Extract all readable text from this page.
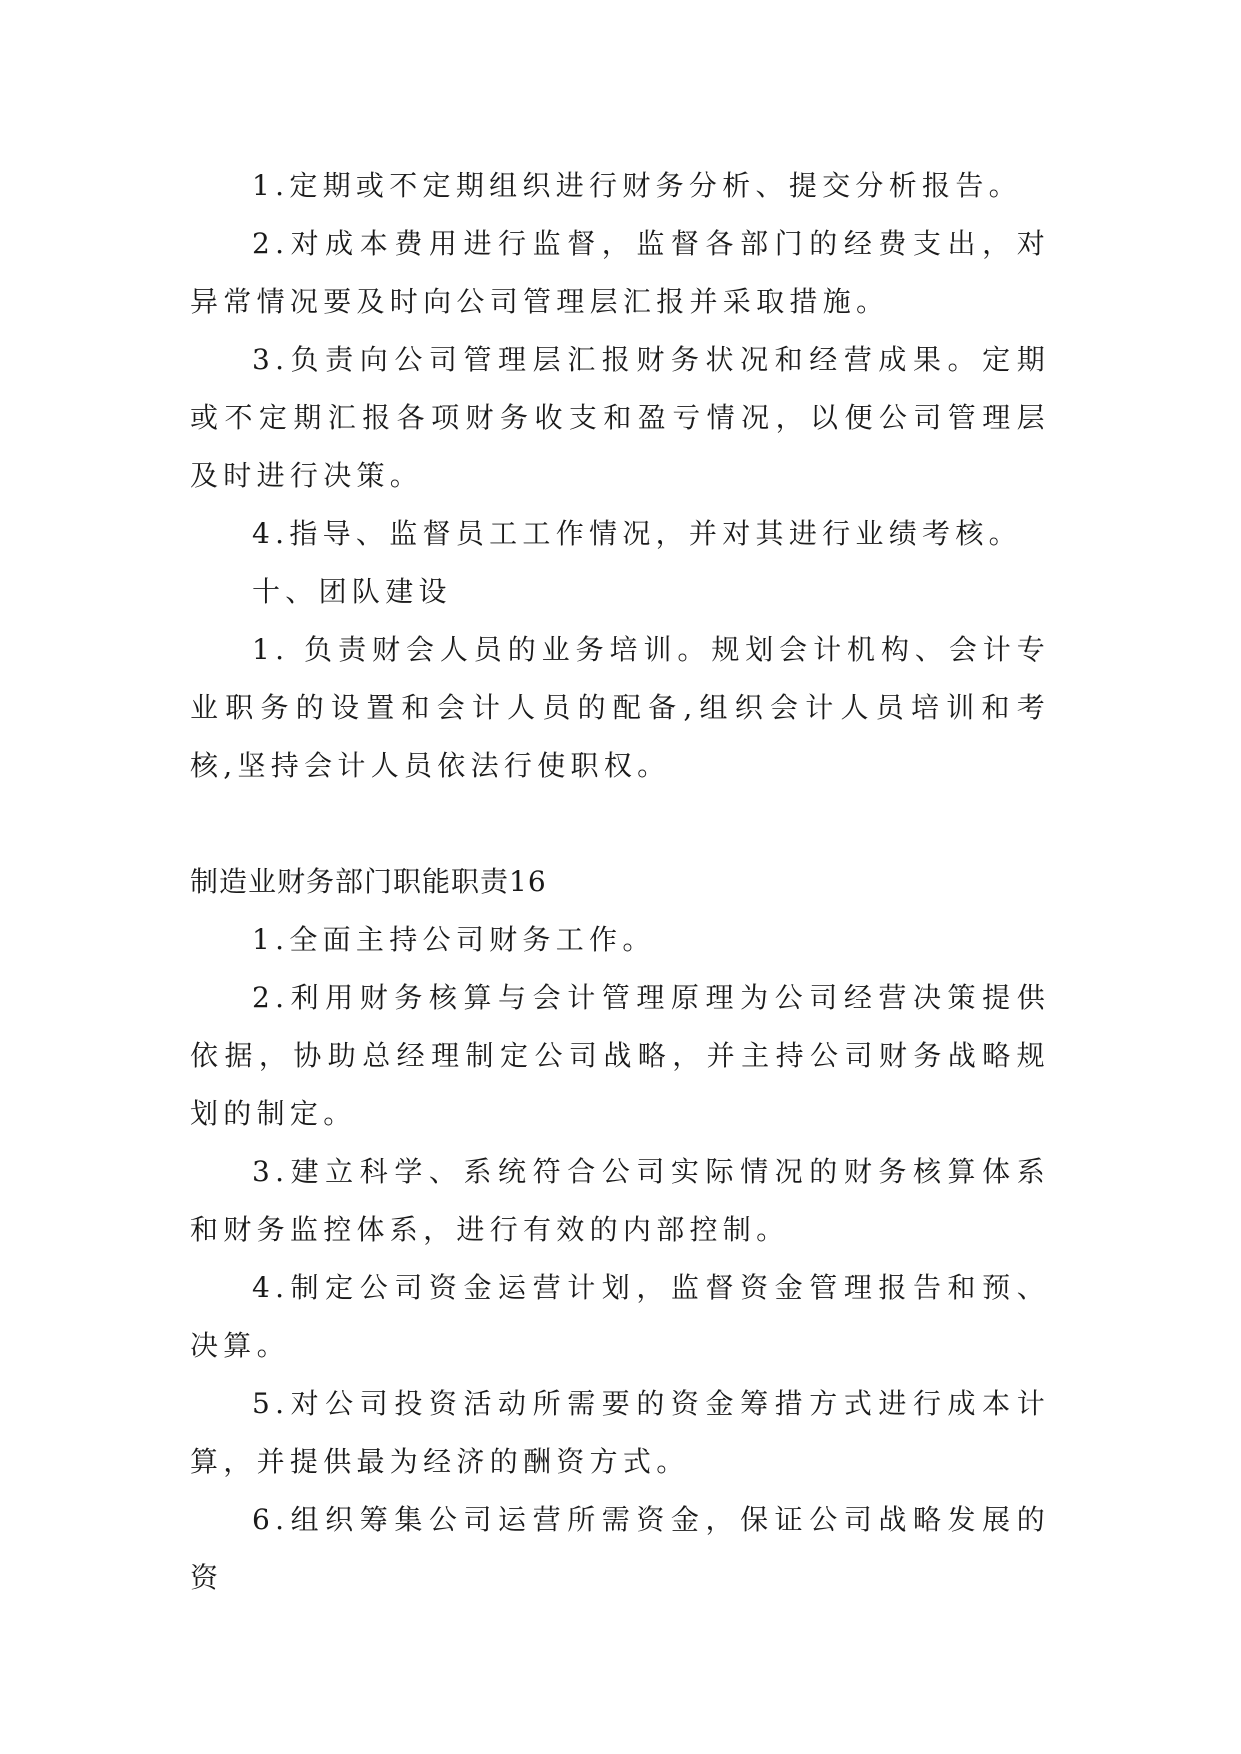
1.定期或不定期组织进行财务分析、提交分析报告。

2.对成本费用进行监督，监督各部门的经费支出，对异常情况要及时向公司管理层汇报并采取措施。

3.负责向公司管理层汇报财务状况和经营成果。定期或不定期汇报各项财务收支和盈亏情况，以便公司管理层及时进行决策。

4.指导、监督员工工作情况，并对其进行业绩考核。

十、团队建设

1. 负责财会人员的业务培训。规划会计机构、会计专业职务的设置和会计人员的配备,组织会计人员培训和考核,坚持会计人员依法行使职权。

制造业财务部门职能职责16

1.全面主持公司财务工作。

2.利用财务核算与会计管理原理为公司经营决策提供依据，协助总经理制定公司战略，并主持公司财务战略规划的制定。

3.建立科学、系统符合公司实际情况的财务核算体系和财务监控体系，进行有效的内部控制。

4.制定公司资金运营计划，监督资金管理报告和预、决算。

5.对公司投资活动所需要的资金筹措方式进行成本计算，并提供最为经济的酬资方式。

6.组织筹集公司运营所需资金，保证公司战略发展的资
